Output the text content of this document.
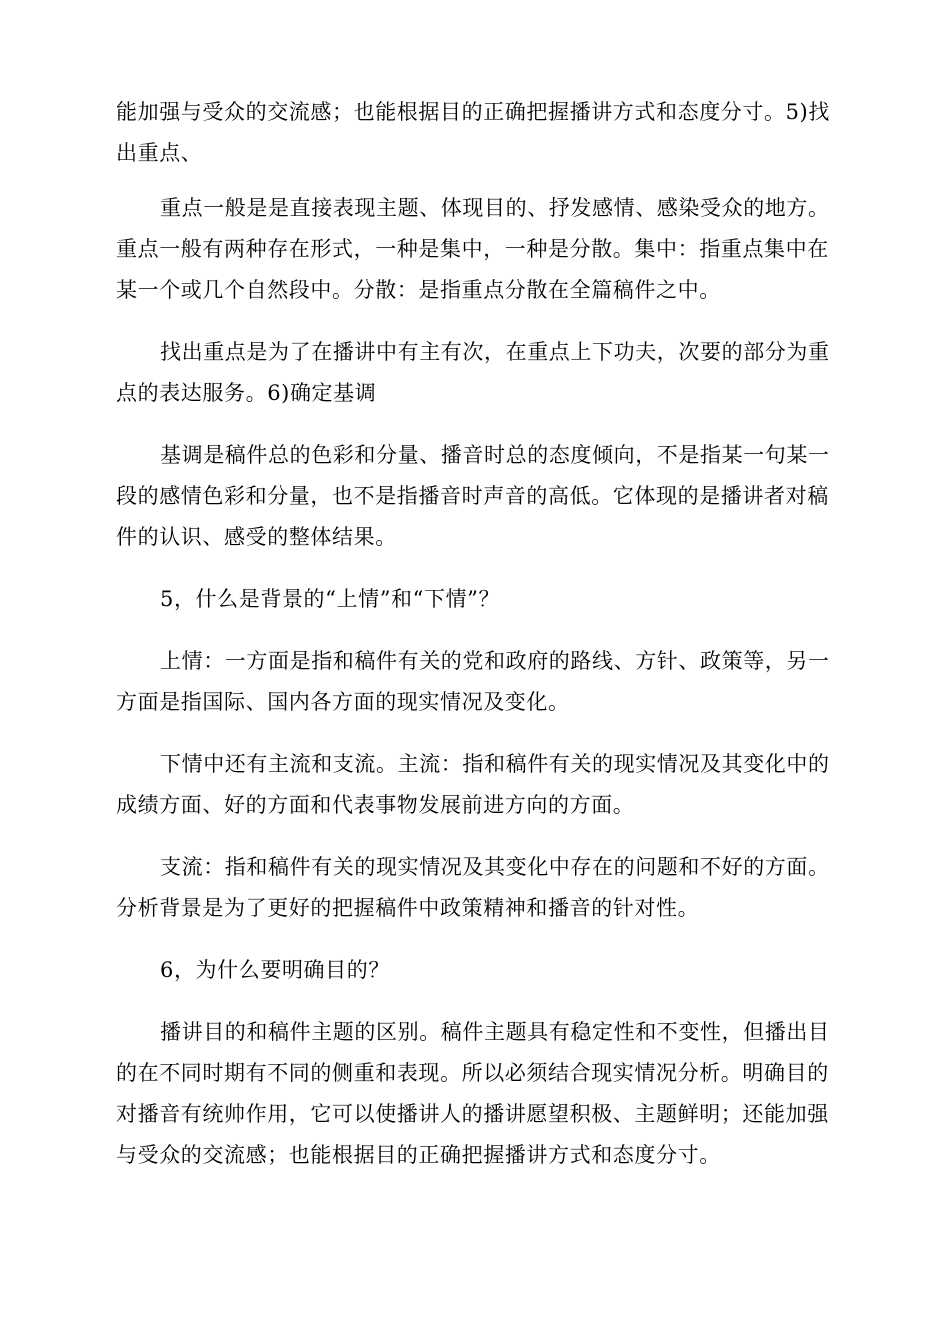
能加强与受众的交流感；也能根据目的正确把握播讲方式和态度分寸。5)找出重点、

重点一般是是直接表现主题、体现目的、抒发感情、感染受众的地方。重点一般有两种存在形式，一种是集中，一种是分散。集中：指重点集中在某一个或几个自然段中。分散：是指重点分散在全篇稿件之中。

找出重点是为了在播讲中有主有次，在重点上下功夫，次要的部分为重点的表达服务。6)确定基调

基调是稿件总的色彩和分量、播音时总的态度倾向，不是指某一句某一段的感情色彩和分量，也不是指播音时声音的高低。它体现的是播讲者对稿件的认识、感受的整体结果。

5，什么是背景的“上情”和“下情”？

上情：一方面是指和稿件有关的党和政府的路线、方针、政策等，另一方面是指国际、国内各方面的现实情况及变化。

下情中还有主流和支流。主流：指和稿件有关的现实情况及其变化中的成绩方面、好的方面和代表事物发展前进方向的方面。

支流：指和稿件有关的现实情况及其变化中存在的问题和不好的方面。分析背景是为了更好的把握稿件中政策精神和播音的针对性。

6，为什么要明确目的？

播讲目的和稿件主题的区别。稿件主题具有稳定性和不变性，但播出目的在不同时期有不同的侧重和表现。所以必须结合现实情况分析。明确目的对播音有统帅作用，它可以使播讲人的播讲愿望积极、主题鲜明；还能加强与受众的交流感；也能根据目的正确把握播讲方式和态度分寸。
